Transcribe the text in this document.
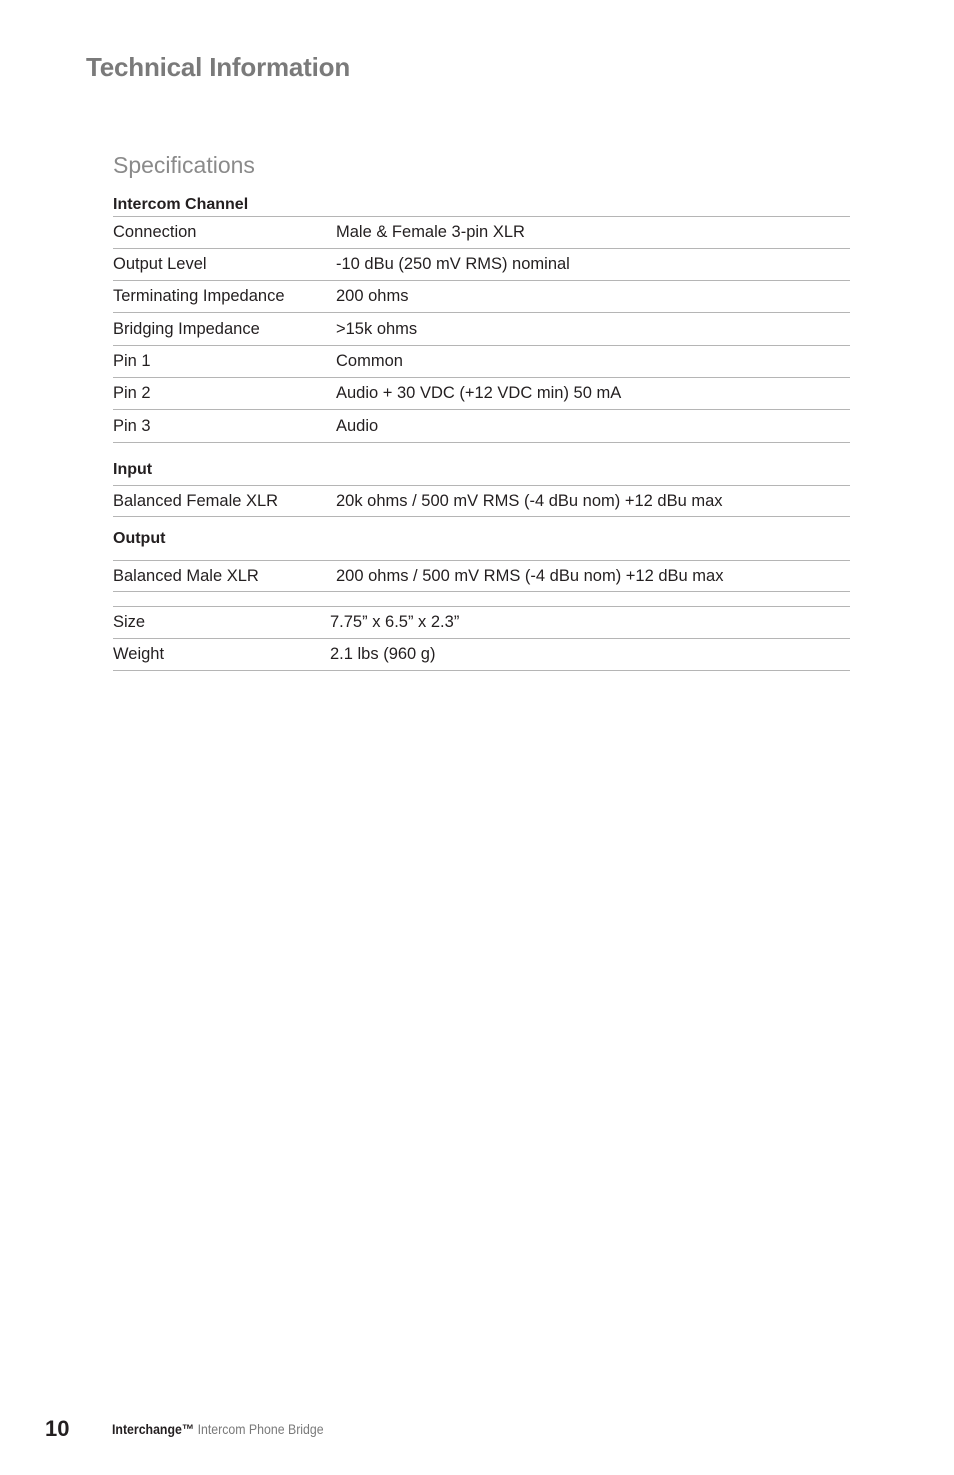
Technical Information
Specifications
Intercom Channel
Connection	Male & Female 3-pin XLR
Output Level	-10 dBu (250 mV RMS) nominal
Terminating Impedance	200 ohms
Bridging Impedance	>15k ohms
Pin 1	Common
Pin 2	Audio + 30 VDC (+12 VDC min) 50 mA
Pin 3	Audio
Input
Balanced Female XLR	20k ohms / 500 mV RMS (-4 dBu nom) +12 dBu max
Output
Balanced Male XLR	200 ohms / 500 mV RMS (-4 dBu nom) +12 dBu max
Size	7.75” x 6.5” x 2.3”
Weight	2.1 lbs (960 g)
10	Interchange™ Intercom Phone Bridge
